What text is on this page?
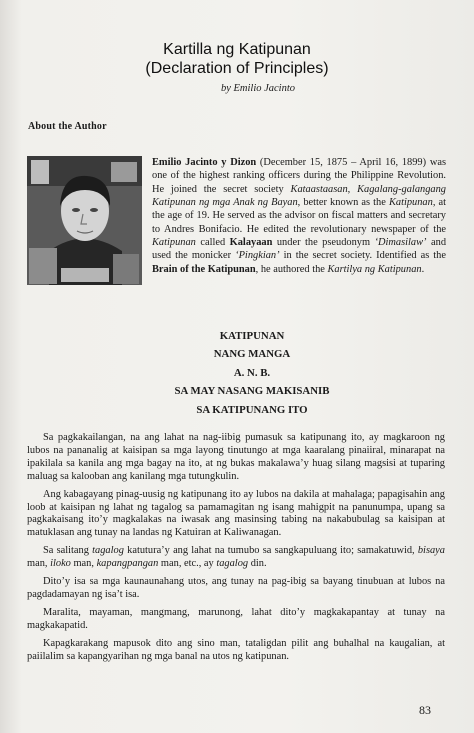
Kartilla ng Katipunan
(Declaration of Principles)
by Emilio Jacinto
About the Author

Emilio Jacinto y Dizon (December 15, 1875 – April 16, 1899) was one of the highest ranking officers during the Philippine Revolution. He joined the secret society Kataastaasan, Kagalang-galangang Katipunan ng mga Anak ng Bayan, better known as the Katipunan, at the age of 19. He served as the advisor on fiscal matters and secretary to Andres Bonifacio. He edited the revolutionary newspaper of the Katipunan called Kalayaan under the pseudonym ‘Dimasilaw’ and used the monicker ‘Pingkian’ in the secret society. Identified as the Brain of the Katipunan, he authored the Kartilya ng Katipunan.

KATIPUNAN
NANG MANGA
A. N. B.
SA MAY NASANG MAKISANIB
SA KATIPUNANG ITO

Sa pagkakailangan, na ang lahat na nag-iibig pumasuk sa katipunang ito, ay magkaroon ng lubos na pananalig at kaisipan sa mga layong tinutungo at mga kaaralang pinaiiral, minarapat na ipakilala sa kanila ang mga bagay na ito, at ng bukas makalawa’y huag silang magsisi at tuparing maluag sa kalooban ang kanilang mga tutungkulin.

Ang kabagayang pinag-uusig ng katipunang ito ay lubos na dakila at mahalaga; papagisahin ang loob at kaisipan ng lahat ng tagalog sa pamamagitan ng isang mahigpit na panunumpa, upang sa pagkakaisang ito’y magkalakas na iwasak ang masinsing tabing na nakabubulag sa kaisipan at matuklasan ang tunay na landas ng Katuiran at Kaliwanagan.

Sa salitang tagalog katutura’y ang lahat na tumubo sa sangkapuluang ito; samakatuwid, bisaya man, iloko man, kapangpangan man, etc., ay tagalog din.

Dito’y isa sa mga kaunaunahang utos, ang tunay na pag-ibig sa bayang tinubuan at lubos na pagdadamayan ng isa’t isa.

Maralita, mayaman, mangmang, marunong, lahat dito’y magkakapantay at tunay na magkakapatid.

Kapagkarakang mapusok dito ang sino man, tataligdan pilit ang buhalhal na kaugalian, at paiilalim sa kapangyarihan ng mga banal na utos ng katipunan.

83
